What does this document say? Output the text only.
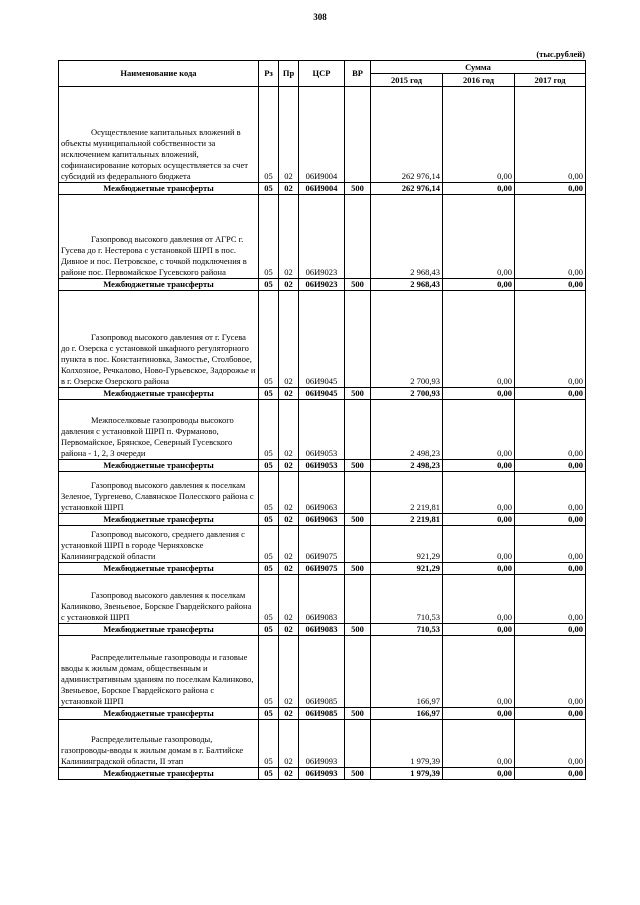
308
(тыс.рублей)
Наименование кода	Рз	Пр	ЦСР	ВР	Сумма		
					2015 год	2016 год	2017 год
Осуществление капитальных вложений в объекты муниципальной собственности за исключением капитальных вложений, софинансирование которых осуществляется за счет субсидий из федерального бюджета	05	02	06И9004		262 976,14	0,00	0,00
Межбюджетные трансферты	05	02	06И9004	500	262 976,14	0,00	0,00
Газопровод высокого давления от АГРС г. Гусева до г. Нестерова с установкой ШРП в пос. Дивное и пос. Петровское, с точкой подключения в районе пос. Первомайское Гусевского района	05	02	06И9023		2 968,43	0,00	0,00
Межбюджетные трансферты	05	02	06И9023	500	2 968,43	0,00	0,00
Газопровод высокого давления от г. Гусева до г. Озерска с установкой шкафного регуляторного пункта в пос. Константиновка, Замостье, Столбовое, Колхозное, Речкалово, Ново-Гурьевское, Задорожье и в г. Озерске Озерского района	05	02	06И9045		2 700,93	0,00	0,00
Межбюджетные трансферты	05	02	06И9045	500	2 700,93	0,00	0,00
Межпоселковые газопроводы высокого давления с установкой ШРП п. Фурманово, Первомайское, Брянское, Северный Гусевского района - 1, 2, 3 очереди	05	02	06И9053		2 498,23	0,00	0,00
Межбюджетные трансферты	05	02	06И9053	500	2 498,23	0,00	0,00
Газопровод высокого давления к поселкам Зеленое, Тургенево, Славянское Полесского района с установкой ШРП	05	02	06И9063		2 219,81	0,00	0,00
Межбюджетные трансферты	05	02	06И9063	500	2 219,81	0,00	0,00
Газопровод высокого, среднего давления с установкой ШРП в городе Черняховске Калининградской области	05	02	06И9075		921,29	0,00	0,00
Межбюджетные трансферты	05	02	06И9075	500	921,29	0,00	0,00
Газопровод высокого давления к поселкам Калинково, Звеньевое, Борское Гвардейского района с установкой ШРП	05	02	06И9083		710,53	0,00	0,00
Межбюджетные трансферты	05	02	06И9083	500	710,53	0,00	0,00
Распределительные газопроводы и газовые вводы к жилым домам, общественным и административным зданиям по поселкам Калинково, Звеньевое, Борское Гвардейского района с установкой ШРП	05	02	06И9085		166,97	0,00	0,00
Межбюджетные трансферты	05	02	06И9085	500	166,97	0,00	0,00
Распределительные газопроводы, газопроводы-вводы к жилым домам в г. Балтийске Калининградской области, II этап	05	02	06И9093		1 979,39	0,00	0,00
Межбюджетные трансферты	05	02	06И9093	500	1 979,39	0,00	0,00
